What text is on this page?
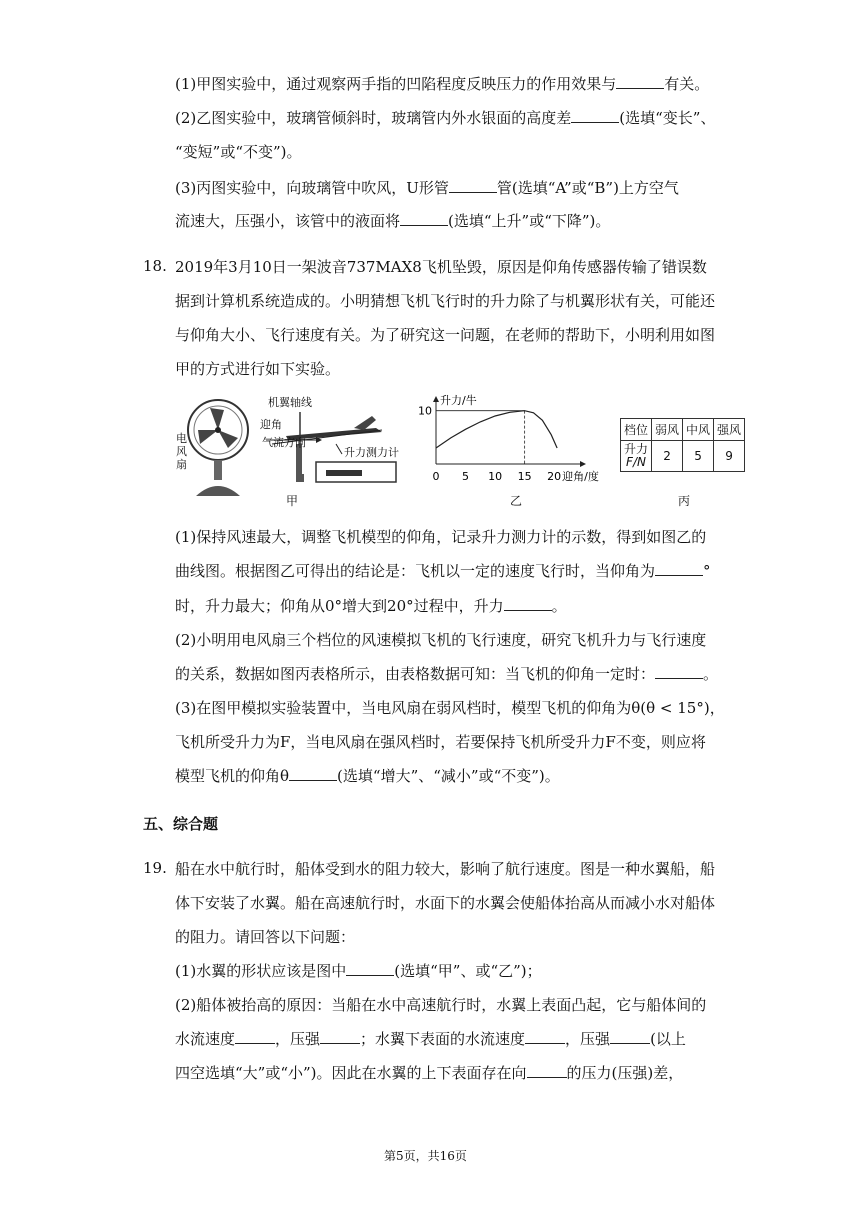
(1)甲图实验中，通过观察两手指的凹陷程度反映压力的作用效果与	有关。
(2)乙图实验中，玻璃管倾斜时，玻璃管内外水银面的高度差	(选填“变长”、
“变短”或“不变”)。
(3)丙图实验中，向玻璃管中吹风，U形管	管(选填“A”或“B”)上方空气
流速大，压强小，该管中的液面将	(选填“上升”或“下降”)。
18. 2019年3月10日一架波音737MAX8飞机坠毁，原因是仰角传感器传输了错误数
据到计算机系统造成的。小明猜想飞机飞行时的升力除了与机翼形状有关，可能还
与仰角大小、飞行速度有关。为了研究这一问题，在老师的帮助下，小明利用如图
甲的方式进行如下实验。
电
风
扇
机翼轴线
迎角
气流方向
升力测力计
甲
升力/牛
迎角/度
0 5 10 15 20
10
乙
档位	弱风	中风	强风

升力
F/N	2	5	9
丙
(1)保持风速最大，调整飞机模型的仰角，记录升力测力计的示数，得到如图乙的
曲线图。根据图乙可得出的结论是：飞机以一定的速度飞行时，当仰角为	°
时，升力最大；仰角从0°增大到20°过程中，升力	。
(2)小明用电风扇三个档位的风速模拟飞机的飞行速度，研究飞机升力与飞行速度
的关系，数据如图丙表格所示，由表格数据可知：当飞机的仰角一定时：	。
(3)在图甲模拟实验装置中，当电风扇在弱风档时，模型飞机的仰角为θ(θ < 15°)，
飞机所受升力为F，当电风扇在强风档时，若要保持飞机所受升力F不变，则应将
模型飞机的仰角θ	(选填“增大”、“减小”或“不变”)。
五、综合题
19. 船在水中航行时，船体受到水的阻力较大，影响了航行速度。图是一种水翼船，船
体下安装了水翼。船在高速航行时，水面下的水翼会使船体抬高从而减小水对船体
的阻力。请回答以下问题：
(1)水翼的形状应该是图中	(选填“甲”、或“乙”)；
(2)船体被抬高的原因：当船在水中高速航行时，水翼上表面凸起，它与船体间的
水流速度	，压强	；水翼下表面的水流速度	，压强	(以上
四空选填“大”或“小”)。因此在水翼的上下表面存在向	的压力(压强)差，
第5页，共16页
